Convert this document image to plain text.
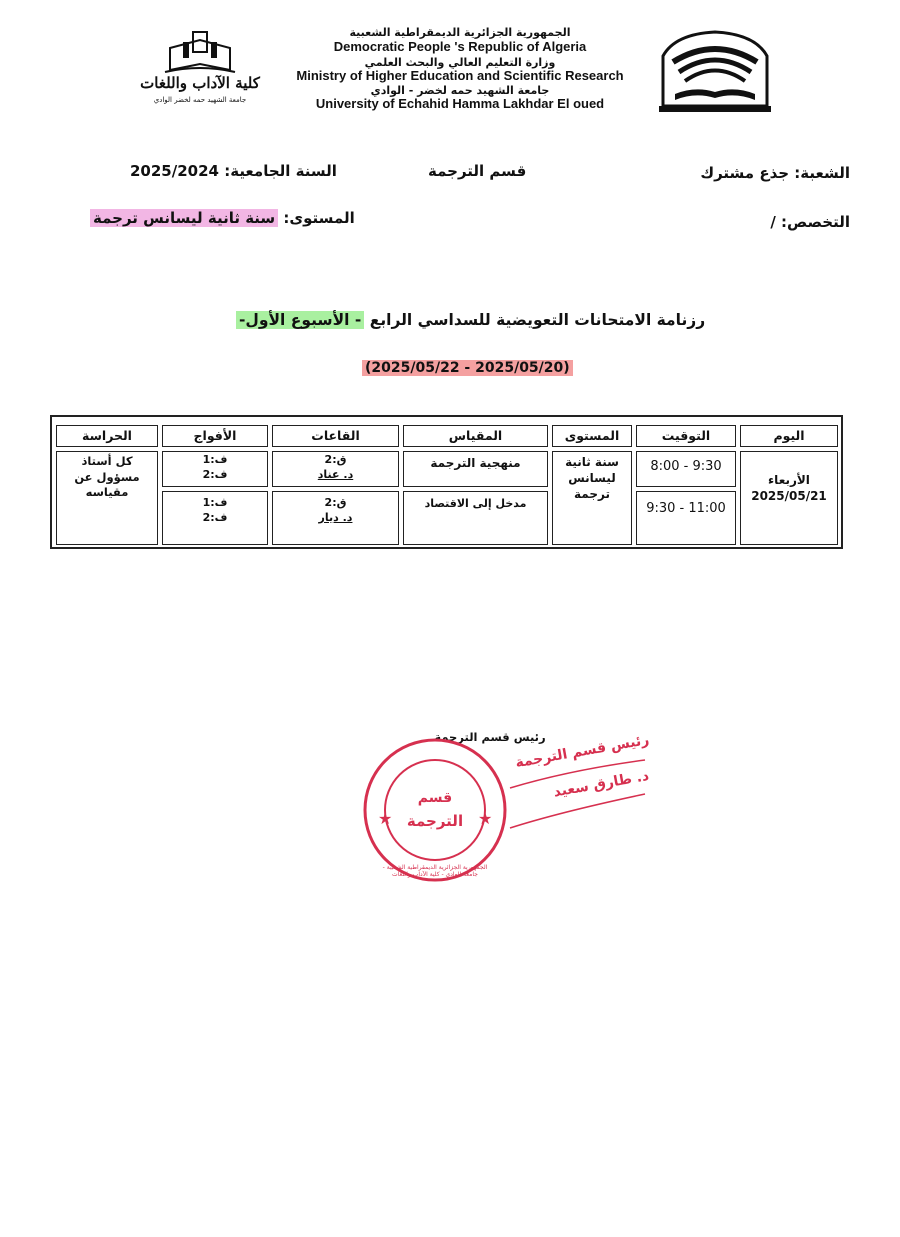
كلية الآداب واللغات
جامعة الشهيد حمه لخضر الوادي
الجمهورية الجزائرية الديمقراطية الشعبية
Democratic People 's Republic of Algeria
وزارة التعليم العالي والبحث العلمي
Ministry of Higher Education and Scientific Research
جامعة الشهيد حمه لخضر - الوادي
University of Echahid Hamma Lakhdar El oued
الشعبة: جذع مشترك
قسم الترجمة
السنة الجامعية: 2025/2024
التخصص: /
المستوى: سنة ثانية ليسانس ترجمة
رزنامة الامتحانات التعويضية للسداسي الرابع - الأسبوع الأول-
(2025/05/22 - 2025/05/20)
اليوم
التوقيت
المستوى
المقياس
القاعات
الأفواج
الحراسة
الأربعاء
2025/05/21
8:00 - 9:30
9:30 - 11:00
سنة ثانية ليسانس ترجمة
منهجية الترجمة
مدخل إلى الاقتصاد
ق:2
د. عناد
ق:2
د. ديار
ف:1
ف:2
ف:1
ف:2
كل أستاذ مسؤول عن مقياسه
رئيس قسم الترجمة
★	★
قسم
الترجمة
الجمهورية الجزائرية الديمقراطية الشعبية - جامعة الوادي - كلية الآداب واللغات
رئيس قسم الترجمة
د. طارق سعيد
